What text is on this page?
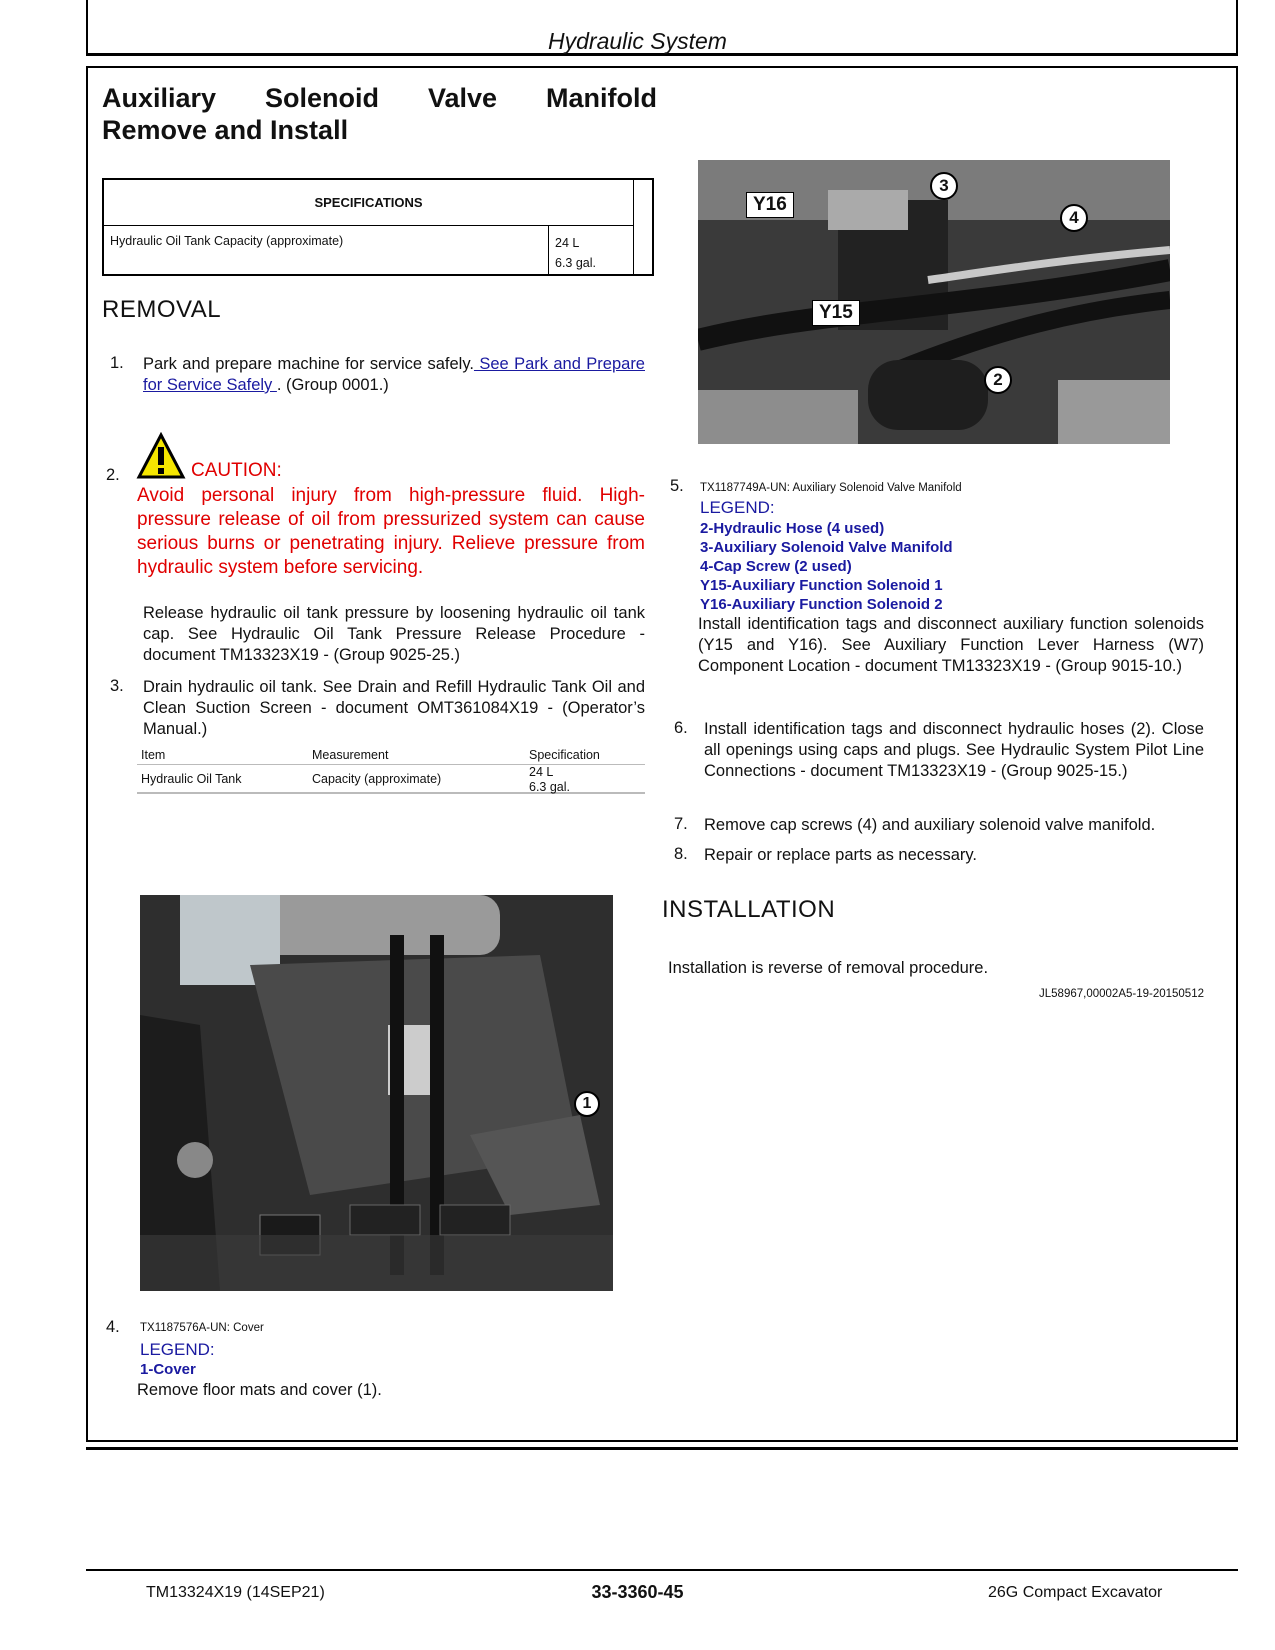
Hydraulic System
Auxiliary Solenoid Valve Manifold
Remove and Install
SPECIFICATIONS
Hydraulic Oil Tank Capacity (approximate)	24 L
6.3 gal.
REMOVAL
1. Park and prepare machine for service safely. See Park and Prepare for Service Safely . (Group 0001.)
2.	CAUTION:
Avoid personal injury from high-pressure fluid. High-pressure release of oil from pressurized system can cause serious burns or penetrating injury. Relieve pressure from hydraulic system before servicing.
Release hydraulic oil tank pressure by loosening hydraulic oil tank cap. See Hydraulic Oil Tank Pressure Release Procedure - document TM13323X19 - (Group 9025-25.)
3. Drain hydraulic oil tank. See Drain and Refill Hydraulic Tank Oil and Clean Suction Screen - document OMT361084X19 - (Operator’s Manual.)
Item	Measurement	Specification
Hydraulic Oil Tank	Capacity (approximate)	24 L
6.3 gal.
1
4. TX1187576A-UN: Cover
LEGEND:
1-Cover
Remove floor mats and cover (1).
Y16
Y15
3
4
2
5. TX1187749A-UN: Auxiliary Solenoid Valve Manifold
LEGEND:
2-Hydraulic Hose (4 used)
3-Auxiliary Solenoid Valve Manifold
4-Cap Screw (2 used)
Y15-Auxiliary Function Solenoid 1
Y16-Auxiliary Function Solenoid 2
Install identification tags and disconnect auxiliary function solenoids (Y15 and Y16). See Auxiliary Function Lever Harness (W7) Component Location - document TM13323X19 - (Group 9015-10.)
6. Install identification tags and disconnect hydraulic hoses (2). Close all openings using caps and plugs. See Hydraulic System Pilot Line Connections - document TM13323X19 - (Group 9025-15.)
7. Remove cap screws (4) and auxiliary solenoid valve manifold.
8. Repair or replace parts as necessary.
INSTALLATION
Installation is reverse of removal procedure.
JL58967,00002A5-19-20150512
TM13324X19 (14SEP21)	33-3360-45	26G Compact Excavator
